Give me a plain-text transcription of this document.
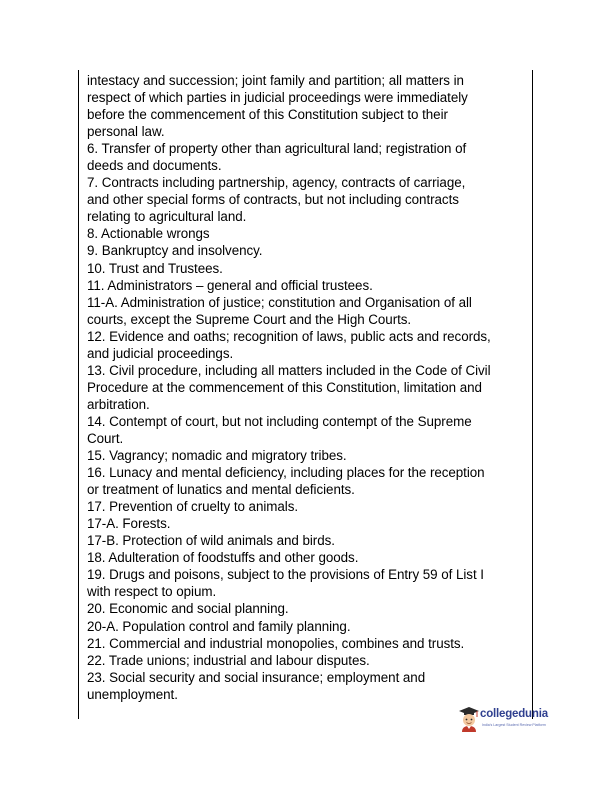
intestacy and succession; joint family and partition; all matters in
respect of which parties in judicial proceedings were immediately
before the commencement of this Constitution subject to their
personal law.
6. Transfer of property other than agricultural land; registration of
deeds and documents.
7. Contracts including partnership, agency, contracts of carriage,
and other special forms of contracts, but not including contracts
relating to agricultural land.
8. Actionable wrongs
9. Bankruptcy and insolvency.
10. Trust and Trustees.
11. Administrators – general and official trustees.
11-A. Administration of justice; constitution and Organisation of all
courts, except the Supreme Court and the High Courts.
12. Evidence and oaths; recognition of laws, public acts and records,
and judicial proceedings.
13. Civil procedure, including all matters included in the Code of Civil
Procedure at the commencement of this Constitution, limitation and
arbitration.
14. Contempt of court, but not including contempt of the Supreme
Court.
15. Vagrancy; nomadic and migratory tribes.
16. Lunacy and mental deficiency, including places for the reception
or treatment of lunatics and mental deficients.
17. Prevention of cruelty to animals.
17-A. Forests.
17-B. Protection of wild animals and birds.
18. Adulteration of foodstuffs and other goods.
19. Drugs and poisons, subject to the provisions of Entry 59 of List I
with respect to opium.
20. Economic and social planning.
20-A. Population control and family planning.
21. Commercial and industrial monopolies, combines and trusts.
22. Trade unions; industrial and labour disputes.
23. Social security and social insurance; employment and
unemployment.
collegedunia
India's Largest Student Review Platform
